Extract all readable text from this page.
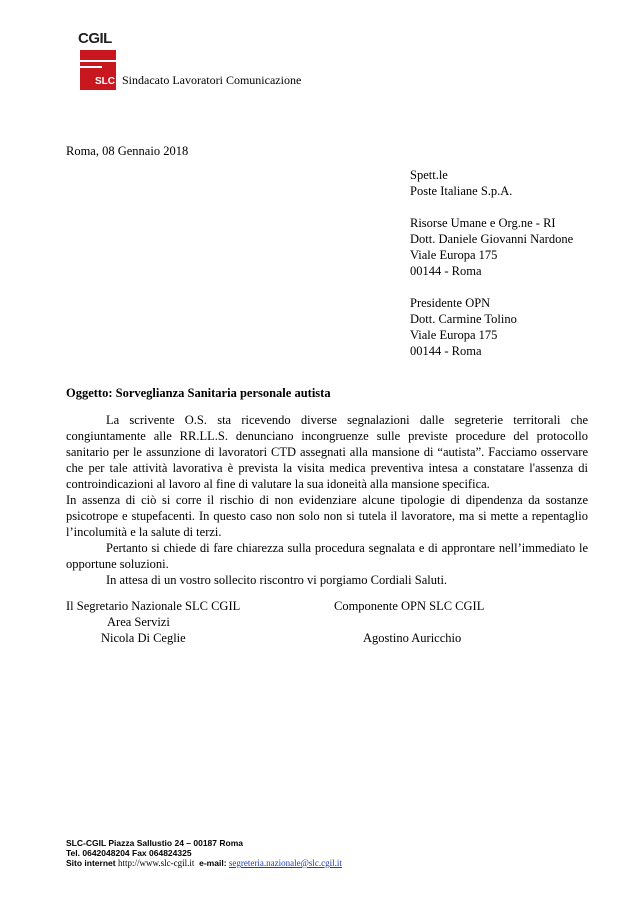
CGIL
SLC Sindacato Lavoratori Comunicazione
Roma, 08 Gennaio 2018
Spett.le
Poste Italiane S.p.A.
Risorse Umane e Org.ne - RI
Dott. Daniele Giovanni Nardone
Viale Europa 175
00144 - Roma
Presidente OPN
Dott. Carmine Tolino
Viale Europa 175
00144 - Roma
Oggetto: Sorveglianza Sanitaria personale autista
La scrivente O.S. sta ricevendo diverse segnalazioni dalle segreterie territorali che congiuntamente alle RR.LL.S. denunciano incongruenze sulle previste procedure del protocollo sanitario per le assunzione di lavoratori CTD assegnati alla mansione di “autista”. Facciamo osservare che per tale attività lavorativa è prevista la visita medica preventiva intesa a constatare l'assenza di controindicazioni al lavoro al fine di valutare la sua idoneità alla mansione specifica.
In assenza di ciò si corre il rischio di non evidenziare alcune tipologie di dipendenza da sostanze psicotrope e stupefacenti. In questo caso non solo non si tutela il lavoratore, ma si mette a repentaglio l’incolumità e la salute di terzi.
Pertanto si chiede di fare chiarezza sulla procedura segnalata e di approntare nell’immediato le opportune soluzioni.
In attesa di un vostro sollecito riscontro vi porgiamo Cordiali Saluti.
Il Segretario Nazionale SLC CGIL
Area Servizi
Nicola Di Ceglie
Componente OPN SLC CGIL
Agostino Auricchio
SLC-CGIL Piazza Sallustio 24 – 00187 Roma
Tel. 0642048204 Fax 064824325
Sito internet http://www.slc-cgil.it e-mail: segreteria.nazionale@slc.cgil.it
